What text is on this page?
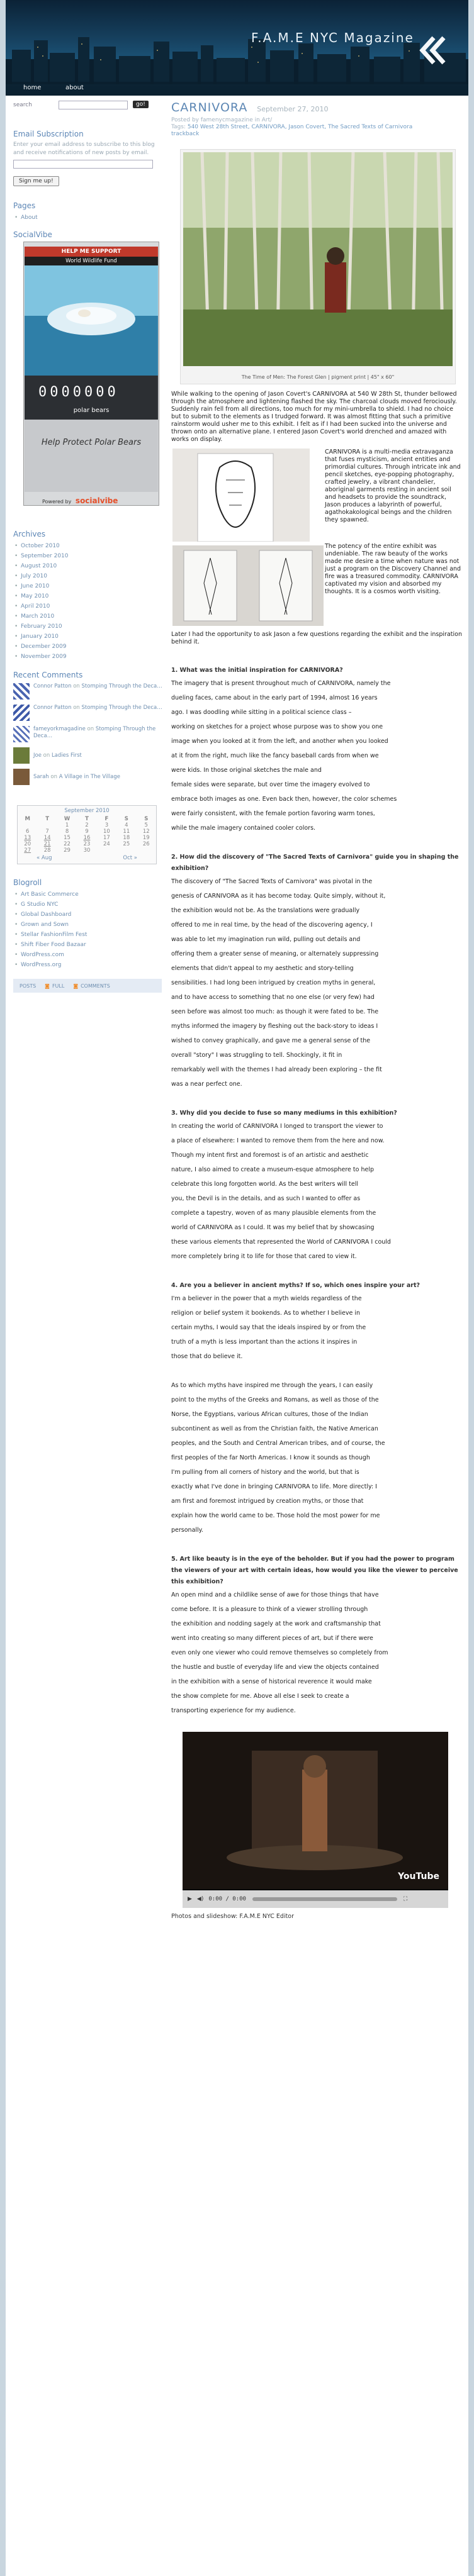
F.A.M.E NYC Magazine
home	about
search	go!
Email Subscription
Enter your email address to subscribe to this blog and receive notifications of new posts by email.
Sign me up!
Pages
• About
SocialVibe
HELP ME SUPPORT
World Wildlife Fund
0000000
polar bears
Help Protect Polar Bears
Powered by socialvibe
Archives
• October 2010
• September 2010
• August 2010
• July 2010
• June 2010
• May 2010
• April 2010
• March 2010
• February 2010
• January 2010
• December 2009
• November 2009
Recent Comments
Connor Patton on Stomping Through the Deca…
Connor Patton on Stomping Through the Deca…
fameyorkmagadine on Stomping Through the Deca…
Joe on Ladies First
Sarah on A Village in The Village
September 2010
M	T	W	T	F	S	S
		1	2	3	4	5
6	7	8	9	10	11	12
13	14	15	16	17	18	19
20	21	22	23	24	25	26
27	28	29	30			
« Aug	Oct »
Blogroll
• Art Basic Commerce
• G Studio NYC
• Global Dashboard
• Grown and Sown
• Stellar FashionFilm Fest
• Shift Fiber Food Bazaar
• WordPress.com
• WordPress.org
POSTS ◙ FULL ◙ COMMENTS
CARNIVORA September 27, 2010
Posted by famenycmagazine in Art/
Tags: 540 West 28th Street, CARNIVORA, Jason Covert, The Sacred Texts of Carnivora
trackback
The Time of Men: The Forest Glen | pigment print | 45" x 60"
While walking to the opening of Jason Covert's CARNIVORA at 540 W 28th St, thunder bellowed through the atmosphere and lightening flashed the sky. The charcoal clouds moved ferociously. Suddenly rain fell from all directions, too much for my mini-umbrella to shield. I had no choice but to submit to the elements as I trudged forward. It was almost fitting that such a primitive rainstorm would usher me to this exhibit. I felt as if I had been sucked into the universe and thrown onto an alternative plane. I entered Jason Covert's world drenched and amazed with works on display.
CARNIVORA is a multi-media extravaganza that fuses mysticism, ancient entities and primordial cultures. Through intricate ink and pencil sketches, eye-popping photography, crafted jewelry, a vibrant chandelier, aboriginal garments resting in ancient soil and headsets to provide the soundtrack, Jason produces a labyrinth of powerful, agathokakological beings and the children they spawned.
The potency of the entire exhibit was undeniable. The raw beauty of the works made me desire a time when nature was not just a program on the Discovery Channel and fire was a treasured commodity. CARNIVORA captivated my vision and absorbed my thoughts. It is a cosmos worth visiting.
Later I had the opportunity to ask Jason a few questions regarding the exhibit and the inspiration behind it.
1. What was the initial inspiration for CARNIVORA?
The imagery that is present throughout much of CARNIVORA, namely the
dueling faces, came about in the early part of 1994, almost 16 years
ago. I was doodling while sitting in a political science class –
working on sketches for a project whose purpose was to show you one
image when you looked at it from the left, and another when you looked
at it from the right, much like the fancy baseball cards from when we
were kids. In those original sketches the male and
female sides were separate, but over time the imagery evolved to
embrace both images as one. Even back then, however, the color schemes
were fairly consistent, with the female portion favoring warm tones,
while the male imagery contained cooler colors.
2. How did the discovery of "The Sacred Texts of Carnivora" guide you in shaping the exhibition?
The discovery of "The Sacred Texts of Carnivora" was pivotal in the
genesis of CARNIVORA as it has become today. Quite simply, without it,
the exhibition would not be. As the translations were gradually
offered to me in real time, by the head of the discovering agency, I
was able to let my imagination run wild, pulling out details and
offering them a greater sense of meaning, or alternately suppressing
elements that didn't appeal to my aesthetic and story-telling
sensibilities. I had long been intrigued by creation myths in general,
and to have access to something that no one else (or very few) had
seen before was almost too much: as though it were fated to be. The
myths informed the imagery by fleshing out the back-story to ideas I
wished to convey graphically, and gave me a general sense of the
overall "story" I was struggling to tell. Shockingly, it fit in
remarkably well with the themes I had already been exploring – the fit
was a near perfect one.
3. Why did you decide to fuse so many mediums in this exhibition?
In creating the world of CARNIVORA I longed to transport the viewer to
a place of elsewhere: I wanted to remove them from the here and now.
Though my intent first and foremost is of an artistic and aesthetic
nature, I also aimed to create a museum-esque atmosphere to help
celebrate this long forgotten world. As the best writers will tell
you, the Devil is in the details, and as such I wanted to offer as
complete a tapestry, woven of as many plausible elements from the
world of CARNIVORA as I could. It was my belief that by showcasing
these various elements that represented the World of CARNIVORA I could
more completely bring it to life for those that cared to view it.
4. Are you a believer in ancient myths? If so, which ones inspire your art?
I'm a believer in the power that a myth wields regardless of the
religion or belief system it bookends. As to whether I believe in
certain myths, I would say that the ideals inspired by or from the
truth of a myth is less important than the actions it inspires in
those that do believe it.
As to which myths have inspired me through the years, I can easily
point to the myths of the Greeks and Romans, as well as those of the
Norse, the Egyptians, various African cultures, those of the Indian
subcontinent as well as from the Christian faith, the Native American
peoples, and the South and Central American tribes, and of course, the
first peoples of the far North Americas. I know it sounds as though
I'm pulling from all corners of history and the world, but that is
exactly what I've done in bringing CARNIVORA to life. More directly: I
am first and foremost intrigued by creation myths, or those that
explain how the world came to be. Those hold the most power for me
personally.
5. Art like beauty is in the eye of the beholder. But if you had the power to program the viewers of your art with certain ideas, how would you like the viewer to perceive this exhibition?
An open mind and a childlike sense of awe for those things that have
come before. It is a pleasure to think of a viewer strolling through
the exhibition and nodding sagely at the work and craftsmanship that
went into creating so many different pieces of art, but if there were
even only one viewer who could remove themselves so completely from
the hustle and bustle of everyday life and view the objects contained
in the exhibition with a sense of historical reverence it would make
the show complete for me. Above all else I seek to create a
transporting experience for my audience.
YouTube
▶ ◀) 0:00 / 0:00	⛶
Photos and slideshow: F.A.M.E NYC Editor
